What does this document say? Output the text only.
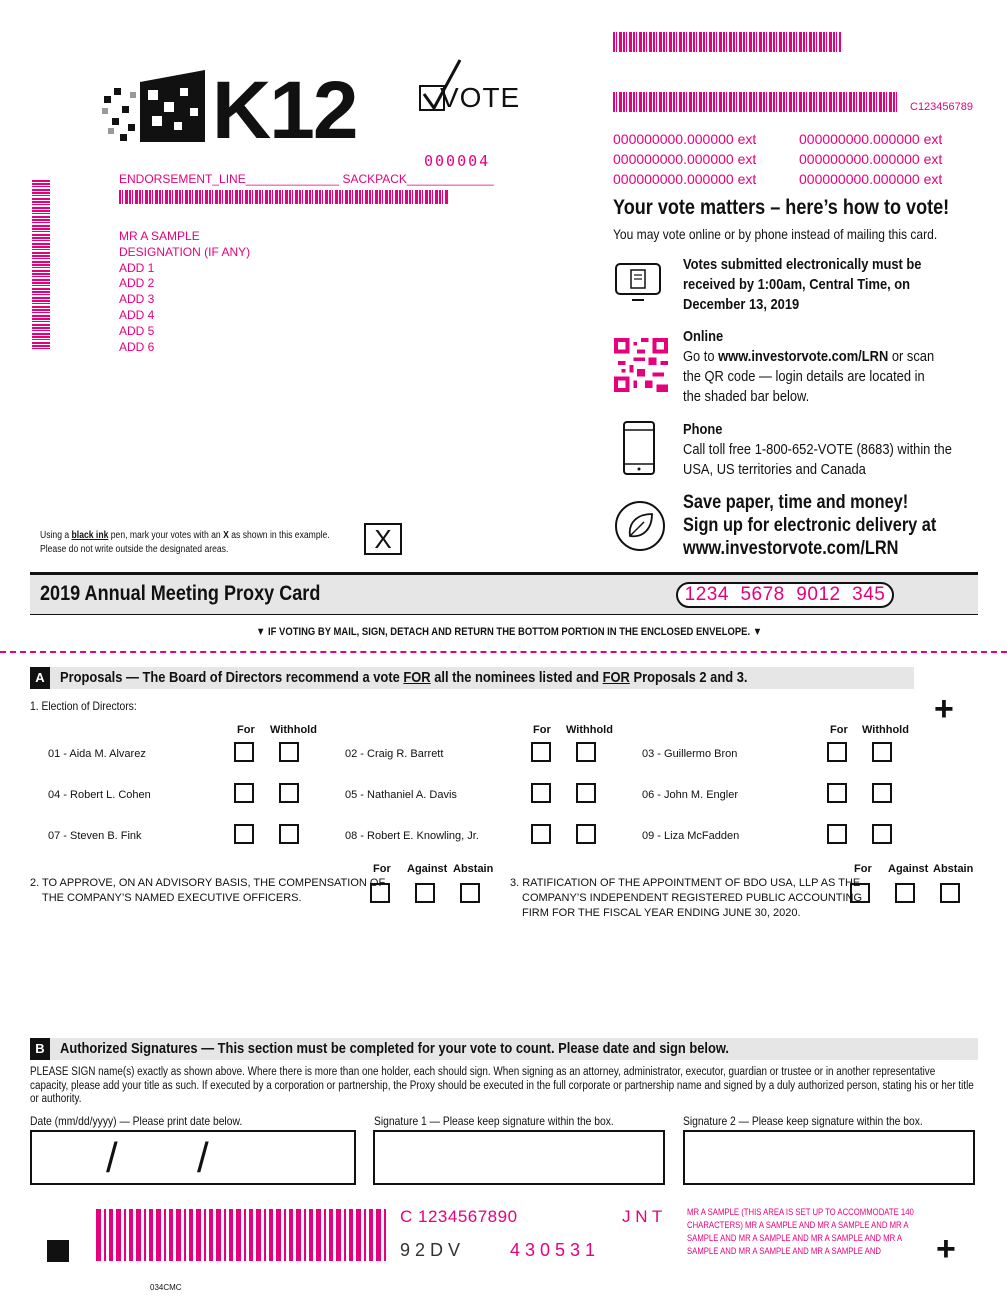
K12	VOTE
000004
ENDORSEMENT_LINE______________ SACKPACK_____________
MR A SAMPLE
DESIGNATION (IF ANY)
ADD 1
ADD 2
ADD 3
ADD 4
ADD 5
ADD 6
C123456789
000000000.000000 ext
000000000.000000 ext
000000000.000000 ext
000000000.000000 ext
000000000.000000 ext
000000000.000000 ext
Your vote matters – here’s how to vote!
You may vote online or by phone instead of mailing this card.
Votes submitted electronically must be received by 1:00am, Central Time, on December 13, 2019
Online
Go to www.investorvote.com/LRN or scan the QR code — login details are located in the shaded bar below.
Phone
Call toll free 1-800-652-VOTE (8683) within the USA, US territories and Canada
Save paper, time and money!
Sign up for electronic delivery at
www.investorvote.com/LRN
Using a black ink pen, mark your votes with an X as shown in this example.
Please do not write outside the designated areas.	X
2019 Annual Meeting Proxy Card	1234  5678  9012  345
▼ IF VOTING BY MAIL, SIGN, DETACH AND RETURN THE BOTTOM PORTION IN THE ENCLOSED ENVELOPE. ▼
A	Proposals — The Board of Directors recommend a vote FOR all the nominees listed and FOR Proposals 2 and 3.
+
1. Election of Directors:
For Withhold	For Withhold	For Withhold
01 - Aida M. Alvarez	02 - Craig R. Barrett	03 - Guillermo Bron
04 - Robert L. Cohen	05 - Nathaniel A. Davis	06 - John M. Engler
07 - Steven B. Fink	08 - Robert E. Knowling, Jr.	09 - Liza McFadden
For Against Abstain
2. TO APPROVE, ON AN ADVISORY BASIS, THE COMPENSATION OF
THE COMPANY’S NAMED EXECUTIVE OFFICERS.
For Against Abstain
3. RATIFICATION OF THE APPOINTMENT OF BDO USA, LLP AS THE
COMPANY’S INDEPENDENT REGISTERED PUBLIC ACCOUNTING
FIRM FOR THE FISCAL YEAR ENDING JUNE 30, 2020.
B	Authorized Signatures — This section must be completed for your vote to count. Please date and sign below.
PLEASE SIGN name(s) exactly as shown above. Where there is more than one holder, each should sign. When signing as an attorney, administrator, executor, guardian or trustee or in another representative capacity, please add your title as such. If executed by a corporation or partnership, the Proxy should be executed in the full corporate or partnership name and signed by a duly authorized person, stating his or her title or authority.
Date (mm/dd/yyyy) — Please print date below.	Signature 1 — Please keep signature within the box.	Signature 2 — Please keep signature within the box.
/ /
C 1234567890	J N T
9 2 D V	4 3 0 5 3 1
MR A SAMPLE (THIS AREA IS SET UP TO ACCOMMODATE 140 CHARACTERS) MR A SAMPLE AND MR A SAMPLE AND MR A SAMPLE AND MR A SAMPLE AND MR A SAMPLE AND MR A SAMPLE AND MR A SAMPLE AND MR A SAMPLE AND	+
034CMC
